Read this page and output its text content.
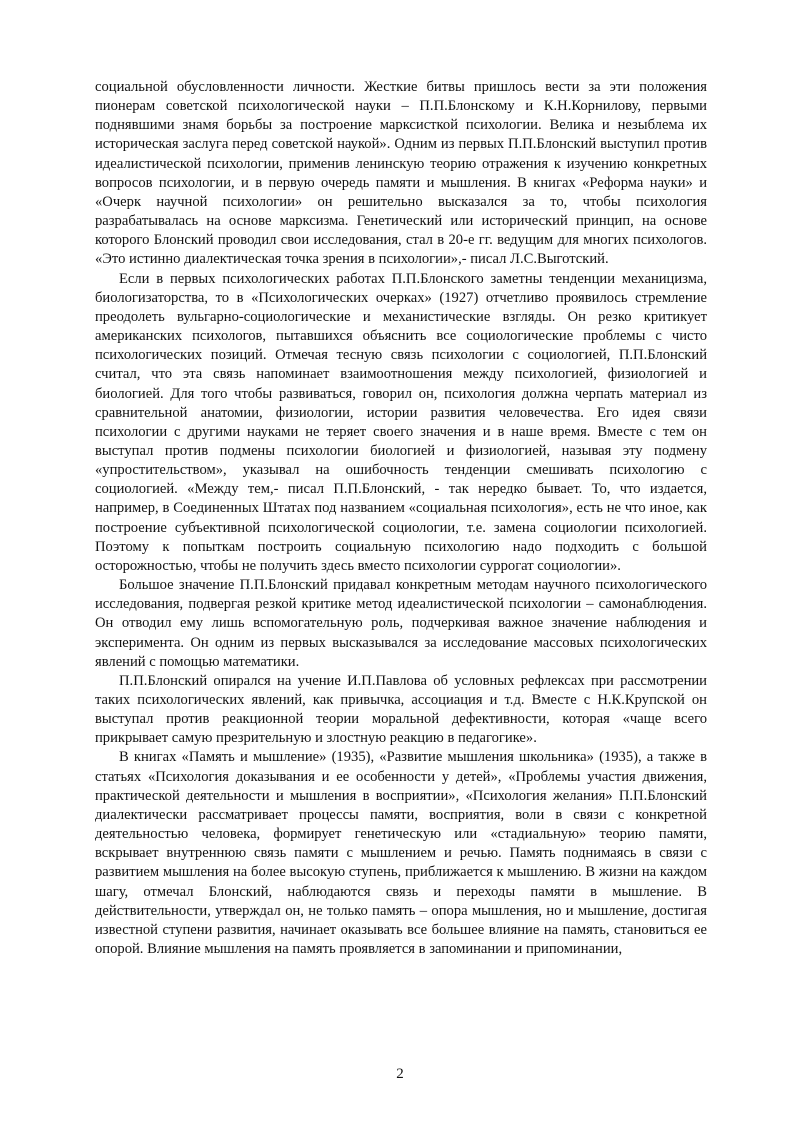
социальной обусловленности личности. Жесткие битвы пришлось вести за эти положения пионерам советской психологической науки – П.П.Блонскому и К.Н.Корнилову, первыми поднявшими знамя борьбы за построение марксисткой психологии. Велика и незыблема их историческая заслуга перед советской наукой». Одним из первых П.П.Блонский выступил против идеалистической психологии, применив ленинскую теорию отражения к изучению конкретных вопросов психологии, и в первую очередь памяти и мышления. В книгах «Реформа науки» и «Очерк научной психологии» он решительно высказался за то, чтобы психология разрабатывалась на основе марксизма. Генетический или исторический принцип, на основе которого Блонский проводил свои исследования, стал в 20-е гг. ведущим для многих психологов. «Это истинно диалектическая точка зрения в психологии»,- писал Л.С.Выготский.

Если в первых психологических работах П.П.Блонского заметны тенденции механицизма, биологизаторства, то в «Психологических очерках» (1927) отчетливо проявилось стремление преодолеть вульгарно-социологические и механистические взгляды. Он резко критикует американских психологов, пытавшихся объяснить все социологические проблемы с чисто психологических позиций. Отмечая тесную связь психологии с социологией, П.П.Блонский считал, что эта связь напоминает взаимоотношения между психологией, физиологией и биологией. Для того чтобы развиваться, говорил он, психология должна черпать материал из сравнительной анатомии, физиологии, истории развития человечества. Его идея связи психологии с другими науками не теряет своего значения и в наше время. Вместе с тем он выступал против подмены психологии биологией и физиологией, называя эту подмену «упростительством», указывал на ошибочность тенденции смешивать психологию с социологией. «Между тем,- писал П.П.Блонский, - так нередко бывает. То, что издается, например, в Соединенных Штатах под названием «социальная психология», есть не что иное, как построение субъективной психологической социологии, т.е. замена социологии психологией. Поэтому к попыткам построить социальную психологию надо подходить с большой осторожностью, чтобы не получить здесь вместо психологии суррогат социологии».

Большое значение П.П.Блонский придавал конкретным методам научного психологического исследования, подвергая резкой критике метод идеалистической психологии – самонаблюдения. Он отводил ему лишь вспомогательную роль, подчеркивая важное значение наблюдения и эксперимента. Он одним из первых высказывался за исследование массовых психологических явлений с помощью математики.

П.П.Блонский опирался на учение И.П.Павлова об условных рефлексах при рассмотрении таких психологических явлений, как привычка, ассоциация и т.д. Вместе с Н.К.Крупской он выступал против реакционной теории моральной дефективности, которая «чаще всего прикрывает самую презрительную и злостную реакцию в педагогике».

В книгах «Память и мышление» (1935), «Развитие мышления школьника» (1935), а также в статьях «Психология доказывания и ее особенности у детей», «Проблемы участия движения, практической деятельности и мышления в восприятии», «Психология желания» П.П.Блонский диалектически рассматривает процессы памяти, восприятия, воли в связи с конкретной деятельностью человека, формирует генетическую или «стадиальную» теорию памяти, вскрывает внутреннюю связь памяти с мышлением и речью. Память поднимаясь в связи с развитием мышления на более высокую ступень, приближается к мышлению. В жизни на каждом шагу, отмечал Блонский, наблюдаются связь и переходы памяти в мышление. В действительности, утверждал он, не только память – опора мышления, но и мышление, достигая известной ступени развития, начинает оказывать все большее влияние на память, становиться ее опорой. Влияние мышления на память проявляется в запоминании и припоминании,

2
